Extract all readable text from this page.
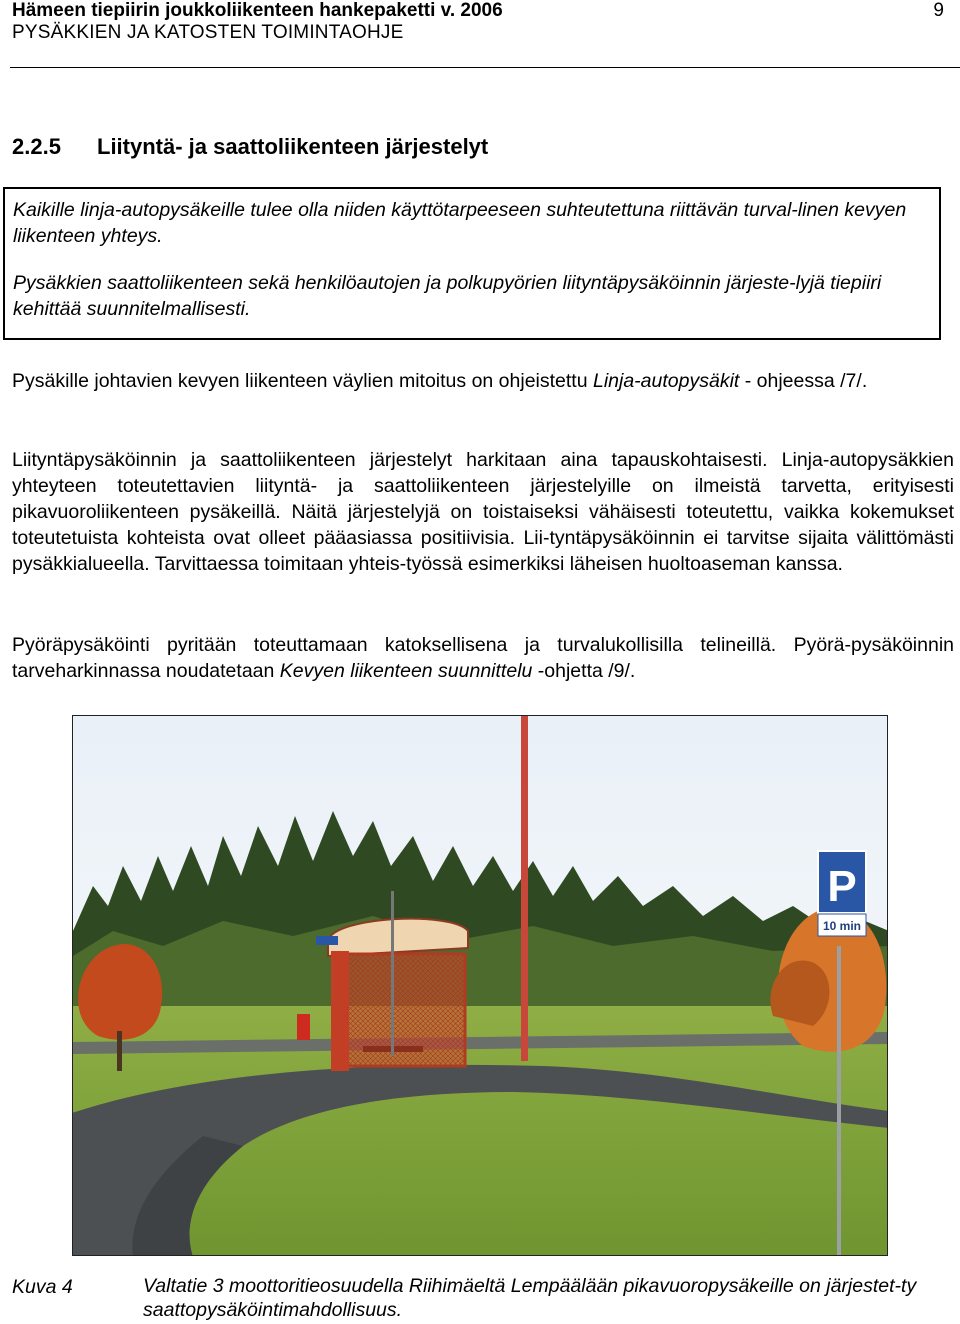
Hämeen tiepiirin joukkoliikenteen hankepaketti v. 2006	9
PYSÄKKIEN JA KATOSTEN TOIMINTAOHJE
2.2.5 Liityntä- ja saattoliikenteen järjestelyt

Kaikille linja-autopysäkeille tulee olla niiden käyttötarpeeseen suhteutettuna riittävän turval-linen kevyen liikenteen yhteys.

Pysäkkien saattoliikenteen sekä henkilöautojen ja polkupyörien liityntäpysäköinnin järjeste-lyjä tiepiiri kehittää suunnitelmallisesti.

Pysäkille johtavien kevyen liikenteen väylien mitoitus on ohjeistettu Linja-autopysäkit - ohjeessa /7/.

Liityntäpysäköinnin ja saattoliikenteen järjestelyt harkitaan aina tapauskohtaisesti. Linja-autopysäkkien yhteyteen toteutettavien liityntä- ja saattoliikenteen järjestelyille on ilmeistä tarvetta, erityisesti pikavuoroliikenteen pysäkeillä. Näitä järjestelyjä on toistaiseksi vähäisesti toteutettu, vaikka kokemukset toteutetuista kohteista ovat olleet pääasiassa positiivisia. Lii-tyntäpysäköinnin ei tarvitse sijaita välittömästi pysäkkialueella. Tarvittaessa toimitaan yhteis-työssä esimerkiksi läheisen huoltoaseman kanssa.

Pyöräpysäköinti pyritään toteuttamaan katoksellisena ja turvalukollisilla telineillä. Pyörä-pysäköinnin tarveharkinnassa noudatetaan Kevyen liikenteen suunnittelu -ohjetta /9/.

P
10 min
Kuva 4	Valtatie 3 moottoritieosuudella Riihimäeltä Lempäälään pikavuoropysäkeille on järjestet-ty saattopysäköintimahdollisuus.
